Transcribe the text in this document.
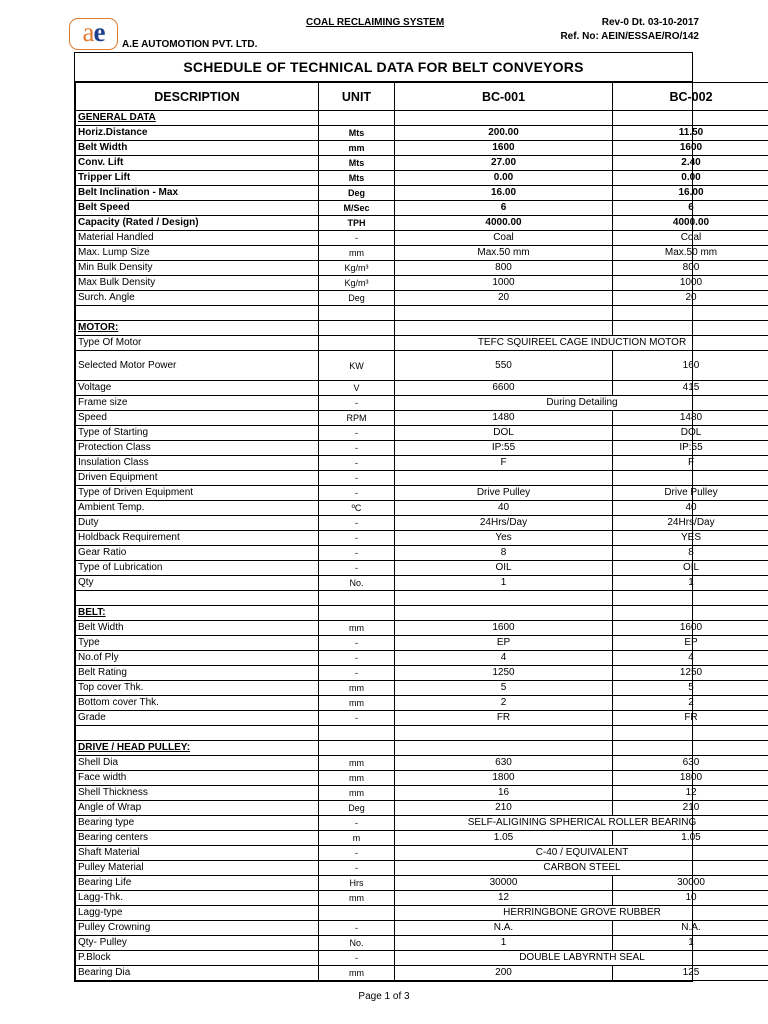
ae	A.E AUTOMOTION PVT. LTD.
COAL RECLAIMING SYSTEM	Rev-0 Dt. 03-10-2017
Ref. No: AEIN/ESSAE/RO/142
SCHEDULE OF TECHNICAL DATA FOR BELT CONVEYORS
DESCRIPTION	UNIT	BC-001	BC-002
GENERAL DATA			
Horiz.Distance	Mts	200.00	11.50
Belt Width	mm	1600	1600
Conv. Lift	Mts	27.00	2.40
Tripper Lift	Mts	0.00	0.00
Belt Inclination - Max	Deg	16.00	16.00
Belt Speed	M/Sec	6	6
Capacity (Rated / Design)	TPH	4000.00	4000.00
Material Handled	-	Coal	Coal
Max. Lump Size	mm	Max.50 mm	Max.50 mm
Min Bulk Density	Kg/m³	800	800
Max Bulk Density	Kg/m³	1000	1000
Surch. Angle	Deg	20	20

MOTOR:			
Type Of Motor		TEFC SQUIREEL CAGE INDUCTION MOTOR	
Selected Motor Power	KW	550	160
Voltage	V	6600	415
Frame size	-	During Detailing	
Speed	RPM	1480	1480
Type of Starting	-	DOL	DOL
Protection Class	-	IP:55	IP:55
Insulation Class	-	F	F
Driven Equipment	-		
Type of Driven Equipment	-	Drive Pulley	Drive Pulley
Ambient Temp.	ºC	40	40
Duty	-	24Hrs/Day	24Hrs/Day
Holdback Requirement	-	Yes	YES
Gear Ratio	-	8	8
Type of Lubrication	-	OIL	OIL
Qty	No.	1	1

BELT:			
Belt Width	mm	1600	1600
Type	-	EP	EP
No.of Ply	-	4	4
Belt Rating	-	1250	1250
Top cover Thk.	mm	5	5
Bottom cover Thk.	mm	2	2
Grade	-	FR	FR

DRIVE / HEAD PULLEY:			
Shell Dia	mm	630	630
Face width	mm	1800	1800
Shell Thickness	mm	16	12
Angle of Wrap	Deg	210	210
Bearing type	-	SELF-ALIGINING SPHERICAL ROLLER BEARING	
Bearing centers	m	1.05	1.05
Shaft Material	-	C-40 / EQUIVALENT	
Pulley Material	-	CARBON STEEL	
Bearing Life	Hrs	30000	30000
Lagg-Thk.	mm	12	10
Lagg-type		HERRINGBONE GROVE RUBBER	
Pulley Crowning	-	N.A.	N.A.
Qty- Pulley	No.	1	1
P.Block	-	DOUBLE LABYRNTH SEAL	
Bearing Dia	mm	200	125
Page 1 of 3
